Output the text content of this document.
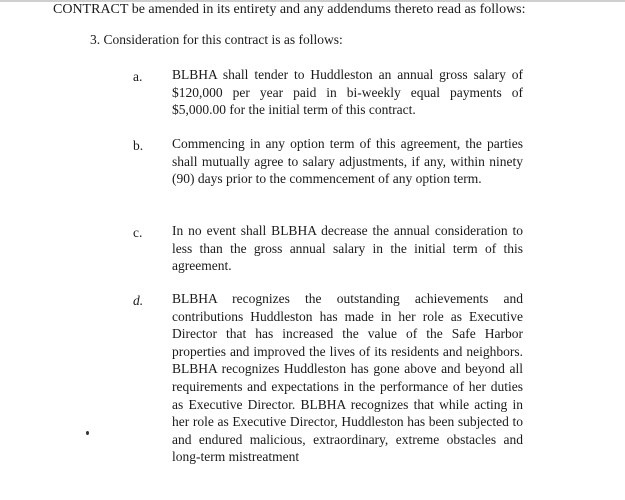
CONTRACT be amended in its entirety and any addendums thereto read as follows:
3. Consideration for this contract is as follows:
a. BLBHA shall tender to Huddleston an annual gross salary of $120,000 per year paid in bi-weekly equal payments of $5,000.00 for the initial term of this contract.
b. Commencing in any option term of this agreement, the parties shall mutually agree to salary adjustments, if any, within ninety (90) days prior to the commencement of any option term.
c. In no event shall BLBHA decrease the annual consideration to less than the gross annual salary in the initial term of this agreement.
d. BLBHA recognizes the outstanding achievements and contributions Huddleston has made in her role as Executive Director that has increased the value of the Safe Harbor properties and improved the lives of its residents and neighbors. BLBHA recognizes Huddleston has gone above and beyond all requirements and expectations in the performance of her duties as Executive Director. BLBHA recognizes that while acting in her role as Executive Director, Huddleston has been subjected to and endured malicious, extraordinary, extreme obstacles and long-term mistreatment
